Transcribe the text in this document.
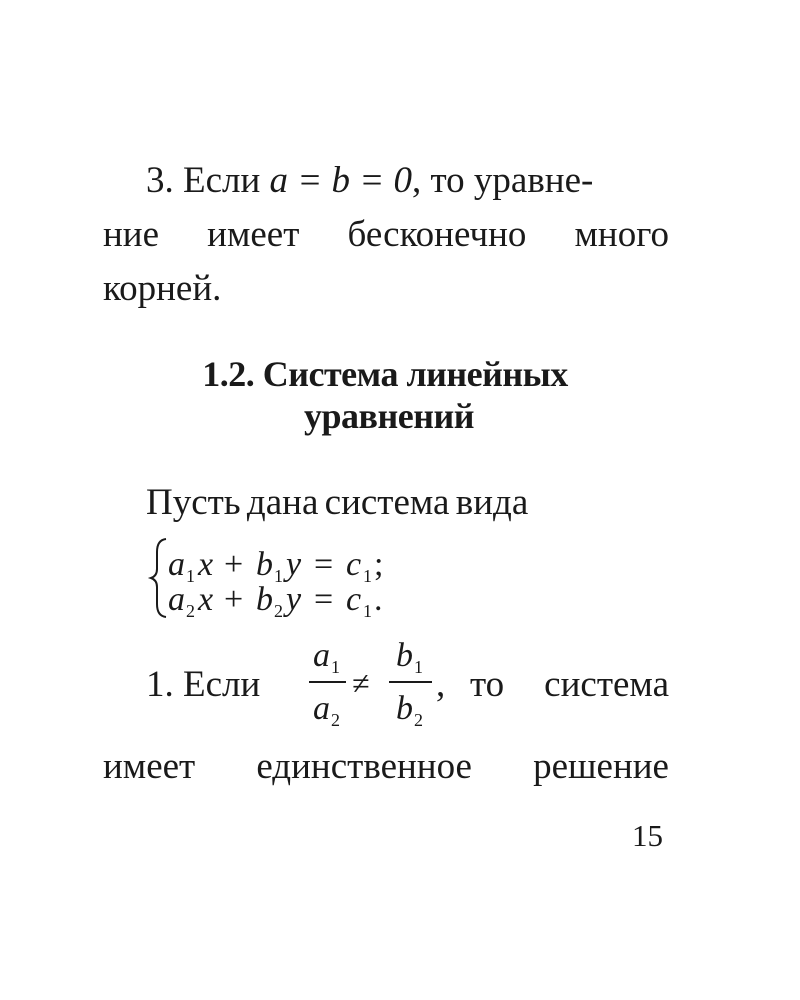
3. Если a = b = 0, то уравне-
ние имеет бесконечно много
корней.
1.2. Система линейных
уравнений
Пусть дана система вида
a 1 x + b 1 y = c 1 ;
a 2 x + b 2 y = c 1 .
a 1
a 2
≠
b 1
b 2
1. Если	, то система
имеет единственное решение
15
